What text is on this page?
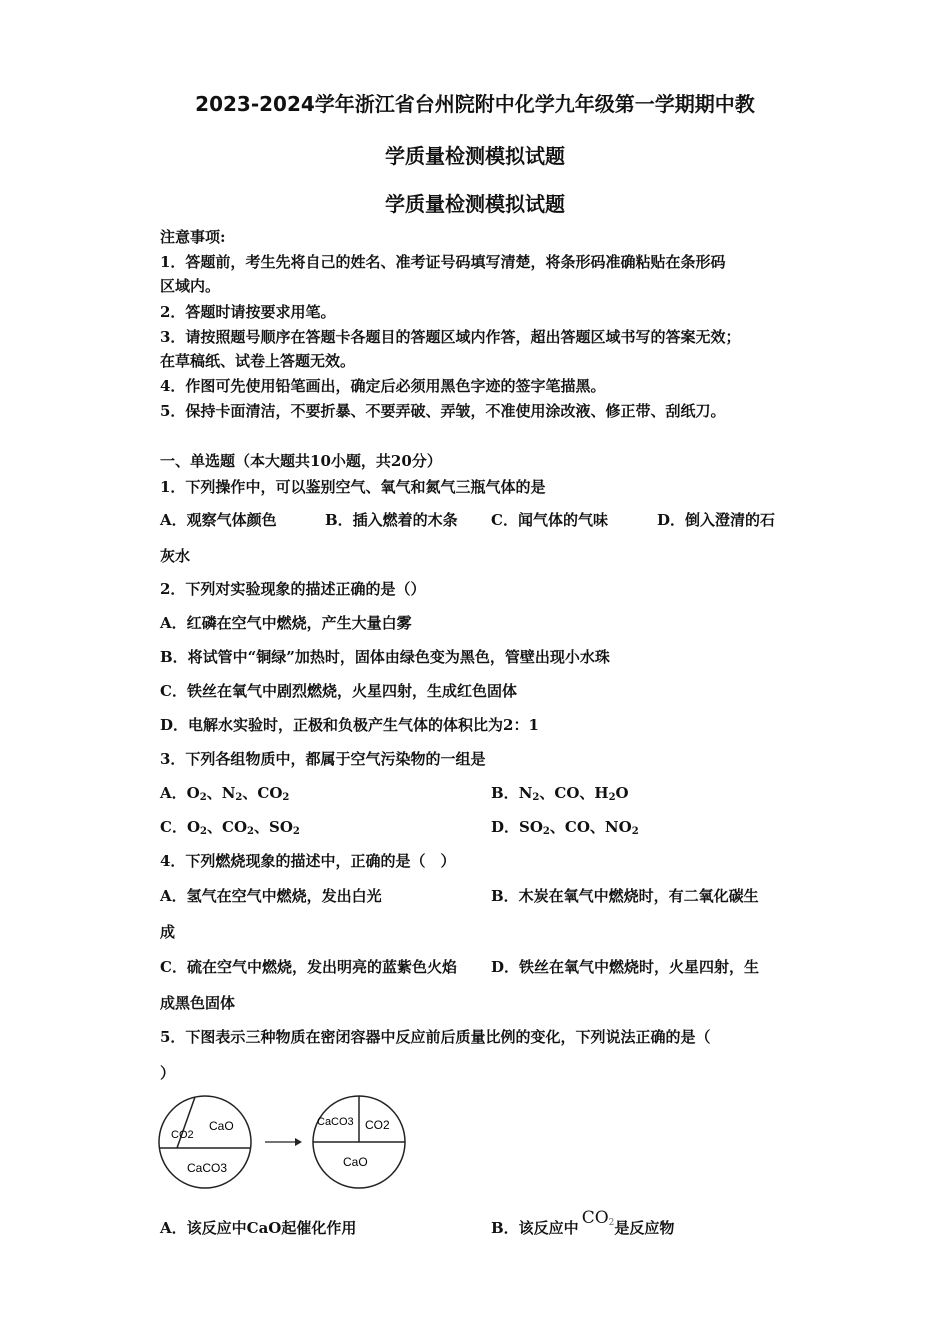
2023-2024学年浙江省台州院附中化学九年级第一学期期中教
学质量检测模拟试题
学质量检测模拟试题
注意事项:
1．答题前，考生先将自己的姓名、准考证号码填写清楚，将条形码准确粘贴在条形码
区域内。
2．答题时请按要求用笔。
3．请按照题号顺序在答题卡各题目的答题区域内作答，超出答题区域书写的答案无效；
在草稿纸、试卷上答题无效。
4．作图可先使用铅笔画出，确定后必须用黑色字迹的签字笔描黑。
5．保持卡面清洁，不要折暴、不要弄破、弄皱，不准使用涂改液、修正带、刮纸刀。
一、单选题（本大题共10小题，共20分）
1．下列操作中，可以鉴别空气、氧气和氮气三瓶气体的是
A．观察气体颜色	B．插入燃着的木条 C．闻气体的气味	D．倒入澄清的石
灰水
2．下列对实验现象的描述正确的是（）
A．红磷在空气中燃烧，产生大量白雾
B．将试管中“铜绿”加热时，固体由绿色变为黑色，管壁出现小水珠
C．铁丝在氧气中剧烈燃烧，火星四射，生成红色固体
D．电解水实验时，正极和负极产生气体的体积比为2：1
3．下列各组物质中，都属于空气污染物的一组是
A．$O_2$、$N_2$、$CO_2$	B．$N_2$、CO、$H_2O$
C．$O_2$、$CO_2$、$SO_2$	D．$SO_2$、CO、$NO_2$
4．下列燃烧现象的描述中，正确的是（　）
A．氢气在空气中燃烧，发出白光	B．木炭在氧气中燃烧时，有二氧化碳生
成
C．硫在空气中燃烧，发出明亮的蓝紫色火焰 D．铁丝在氧气中燃烧时，火星四射，生
成黑色固体
5．下图表示三种物质在密闭容器中反应前后质量比例的变化，下列说法正确的是（
）
CO2
CaO
CaCO3
CaCO3 CO2
CaO
A．该反应中CaO起催化作用	B．该反应中 $CO_2$是反应物
